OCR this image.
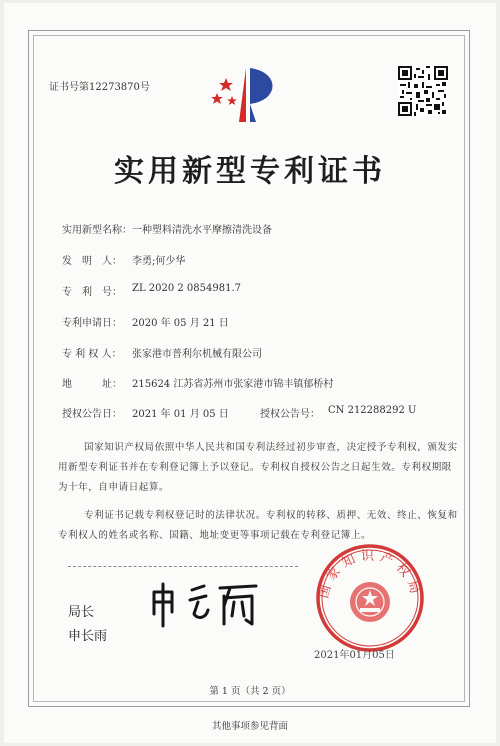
证书号第12273870号
实用新型专利证书
实用新型名称： 一种塑料清洗水平摩擦清洗设备
发　明　人： 李勇;何少华
专　利　号： ZL 2020 2 0854981.7
专利申请日： 2020 年 05 月 21 日
专 利 权 人： 张家港市普利尔机械有限公司
地　　　址： 215624 江苏省苏州市张家港市锦丰镇郁桥村
授权公告日： 2021 年 01 月 05 日	授权公告号： CN 212288292 U

国家知识产权局依照中华人民共和国专利法经过初步审查，决定授予专利权，颁发实用新型专利证书并在专利登记簿上予以登记。专利权自授权公告之日起生效。专利权期限为十年，自申请日起算。

专利证书记载专利权登记时的法律状况。专利权的转移、质押、无效、终止、恢复和专利权人的姓名或名称、国籍、地址变更等事项记载在专利登记簿上。

局长
申长雨
国家知识产权局
2021年01月05日
第 1 页（共 2 页）
其他事项参见背面
